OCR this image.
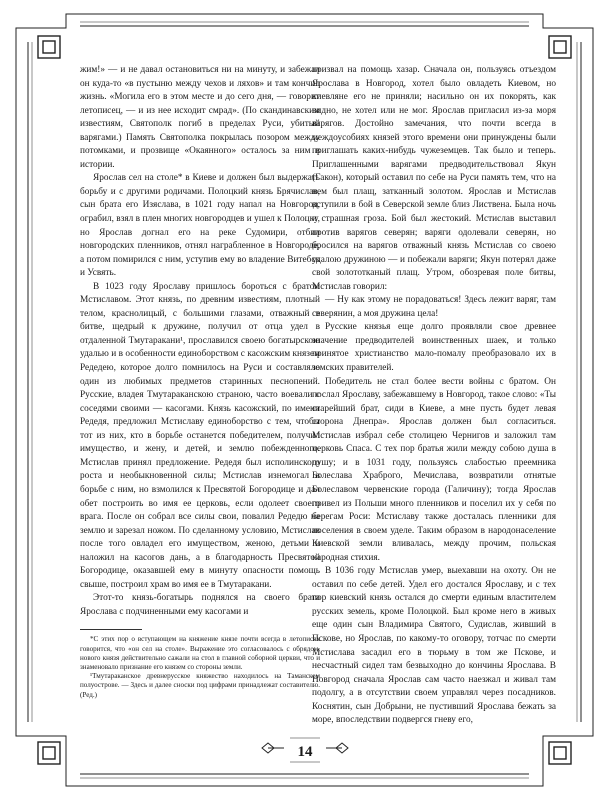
жим!» — и не давал остановиться ни на минуту, и забежал он куда-то «в пустыню между чехов и ляхов» и там кончил жизнь. «Могила его в этом месте и до сего дня, — говорит летописец, — и из нее исходит смрад». (По скандинавским известиям, Святополк погиб в пределах Руси, убитый варягами.) Память Святополка покрылась позором между потомками, и прозвище «Окаянного» осталось за ним в истории.

Ярослав сел на столе* в Киеве и должен был выдержать борьбу и с другими родичами. Полоцкий князь Брячислав, сын брата его Изяслава, в 1021 году напал на Новгород, ограбил, взял в плен многих новгородцев и ушел к Полоцку, но Ярослав догнал его на реке Судомири, отбил новгородских пленников, отнял награбленное в Новгороде, а потом помирился с ним, уступив ему во владение Витебск и Усвять.

В 1023 году Ярославу пришлось бороться с братом Мстиславом. Этот князь, по древним известиям, плотный телом, краснолицый, с большими глазами, отважный в битве, щедрый к дружине, получил от отца удел в отдаленной Тмутаракани¹, прославился своею богатырскою удалью и в особенности единоборством с касожским князем Редедею, которое долго помнилось на Руси и составляло один из любимых предметов старинных песнопений. Русские, владея Тмутараканскою страною, часто воевали с соседями своими — касогами. Князь касожский, по имени Редедя, предложил Мстиславу единоборство с тем, чтобы тот из них, кто в борьбе останется победителем, получил имущество, и жену, и детей, и землю побежденного. Мстислав принял предложение. Редедя был исполинского роста и необыкновенной силы; Мстислав изнемогал в борьбе с ним, но взмолился к Пресвятой Богородице и дал обет построить во имя ее церковь, если одолеет своего врага. После он собрал все силы свои, повалил Редедю на землю и зарезал ножом. По сделанному условию, Мстислав после того овладел его имуществом, женою, детьми и наложил на касогов дань, а в благодарность Пресвятой Богородице, оказавшей ему в минуту опасности помощь свыше, построил храм во имя ее в Тмутаракани.

Этот-то князь-богатырь поднялся на своего брата Ярослава с подчиненными ему касогами и

*С этих пор о вступающем на княжение князе почти всегда в летописях говорится, что «он сел на столе». Выражение это согласовалось с обрядом, нового князя действительно сажали на стол в главной соборной церкви, что и знаменовало признание его князем со стороны земли.

¹Тмутараканское древнерусское княжество находилось на Таманском полуострове. — Здесь и далее сноски под цифрами принадлежат составителю. (Ред.)

призвал на помощь хазар. Сначала он, пользуясь отъездом Ярослава в Новгород, хотел было овладеть Киевом, но киевляне его не приняли; насильно он их покорять, как видно, не хотел или не мог. Ярослав пригласил из-за моря варягов. Достойно замечания, что почти всегда в междоусобиях князей этого времени они принуждены были приглашать каких-нибудь чужеземцев. Так было и теперь. Приглашенными варягами предводительствовал Якун (Гакон), который оставил по себе на Руси память тем, что на нем был плащ, затканный золотом. Ярослав и Мстислав вступили в бой в Северской земле близ Листвена. Была ночь и страшная гроза. Бой был жестокий. Мстислав выставил против варягов северян; варяги одолевали северян, но бросился на варягов отважный князь Мстислав со своею удалою дружиною — и побежали варяги; Якун потерял даже свой золототканый плащ. Утром, обозревая поле битвы, Мстислав говорил:

— Ну как этому не порадоваться! Здесь лежит варяг, там северянин, а моя дружина цела!

Русские князья еще долго проявляли свое древнее значение предводителей воинственных шаек, и только принятое христианство мало-помалу преобразовало их в земских правителей.

Победитель не стал более вести войны с братом. Он послал Ярославу, забежавшему в Новгород, такое слово: «Ты старейший брат, сиди в Киеве, а мне пусть будет левая сторона Днепра». Ярослав должен был согласиться. Мстислав избрал себе столицею Чернигов и заложил там церковь Спаса. С тех пор братья жили между собою душа в душу; и в 1031 году, пользуясь слабостью преемника Болеслава Храброго, Мечислава, возвратили отнятые Болеславом червенские города (Галичину); тогда Ярослав привел из Польши много пленников и поселил их у себя по берегам Роси: Мстиславу также досталась пленники для поселения в своем уделе. Таким образом в народонаселение Киевской земли вливалась, между прочим, польская народная стихия.

В 1036 году Мстислав умер, выехавши на охоту. Он не оставил по себе детей. Удел его достался Ярославу, и с тех пор киевский князь остался до смерти единым властителем русских земель, кроме Полоцкой. Был кроме него в живых еще один сын Владимира Святого, Судислав, живший в Пскове, но Ярослав, по какому-то оговору, тотчас по смерти Мстислава засадил его в тюрьму в том же Пскове, и несчастный сидел там безвыходно до кончины Ярослава. В Новгород сначала Ярослав сам часто наезжал и живал там подолгу, а в отсутствии своем управлял через посадников. Коснятин, сын Добрыни, не пустивший Ярослава бежать за море, впоследствии подвергся гневу его,

14
